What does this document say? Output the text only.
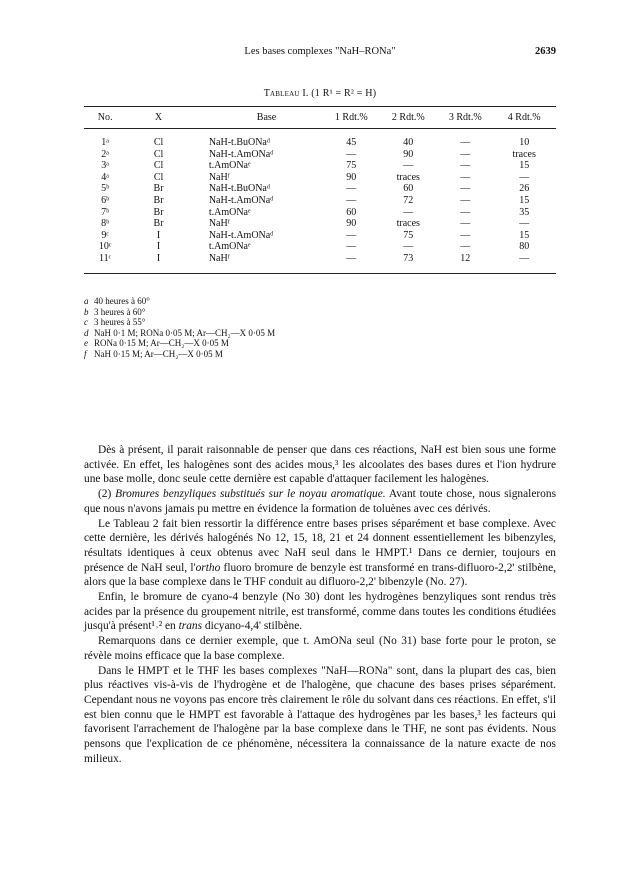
Les bases complexes "NaH–RONa"	2639
Tableau I. (1 R¹ = R² = H)
No.	X	Base	1 Rdt.%	2 Rdt.%	3 Rdt.%	4 Rdt.%
1ᵃ	Cl	NaH-t.BuONaᵈ	45	40	—	10
2ᵃ	Cl	NaH-t.AmONaᵈ	—	90	—	traces
3ᵃ	Cl	t.AmONaᵉ	75	—	—	15
4ᵃ	Cl	NaHᶠ	90	traces	—	—
5ᵇ	Br	NaH-t.BuONaᵈ	—	60	—	26
6ᵇ	Br	NaH-t.AmONaᵈ	—	72	—	15
7ᵇ	Br	t.AmONaᵉ	60	—	—	35
8ᵇ	Br	NaHᶠ	90	traces	—	—
9ᶜ	I	NaH-t.AmONaᵈ	—	75	—	15
10ᶜ	I	t.AmONaᵉ	—	—	—	80
11ᶜ	I	NaHᶠ	—	73	12	—
a 40 heures à 60°
b 3 heures à 60°
c 3 heures à 55°
d NaH 0·1 M; RONa 0·05 M; Ar—CH₂—X 0·05 M
e RONa 0·15 M; Ar—CH₂—X 0·05 M
f NaH 0·15 M; Ar—CH₂—X 0·05 M

Dès à présent, il parait raisonnable de penser que dans ces réactions, NaH est bien sous une forme activée. En effet, les halogènes sont des acides mous,³ les alcoolates des bases dures et l'ion hydrure une base molle, donc seule cette dernière est capable d'attaquer facilement les halogènes.

(2) Bromures benzyliques substitués sur le noyau aromatique. Avant toute chose, nous signalerons que nous n'avons jamais pu mettre en évidence la formation de toluènes avec ces dérivés.

Le Tableau 2 fait bien ressortir la différence entre bases prises séparément et base complexe. Avec cette dernière, les dérivés halogénés No 12, 15, 18, 21 et 24 donnent essentiellement les bibenzyles, résultats identiques à ceux obtenus avec NaH seul dans le HMPT.¹ Dans ce dernier, toujours en présence de NaH seul, l'ortho fluoro bromure de benzyle est transformé en trans-difluoro-2,2' stilbène, alors que la base complexe dans le THF conduit au difluoro-2,2' bibenzyle (No. 27).

Enfin, le bromure de cyano-4 benzyle (No 30) dont les hydrogènes benzyliques sont rendus très acides par la présence du groupement nitrile, est transformé, comme dans toutes les conditions étudiées jusqu'à présent¹˒² en trans dicyano-4,4' stilbène.

Remarquons dans ce dernier exemple, que t. AmONa seul (No 31) base forte pour le proton, se révèle moins efficace que la base complexe.

Dans le HMPT et le THF les bases complexes "NaH—RONa" sont, dans la plupart des cas, bien plus réactives vis-à-vis de l'hydrogène et de l'halogène, que chacune des bases prises séparément. Cependant nous ne voyons pas encore très clairement le rôle du solvant dans ces réactions. En effet, s'il est bien connu que le HMPT est favorable à l'attaque des hydrogènes par les bases,³ les facteurs qui favorisent l'arrachement de l'halogène par la base complexe dans le THF, ne sont pas évidents. Nous pensons que l'explication de ce phénomène, nécessitera la connaissance de la nature exacte de nos milieux.
